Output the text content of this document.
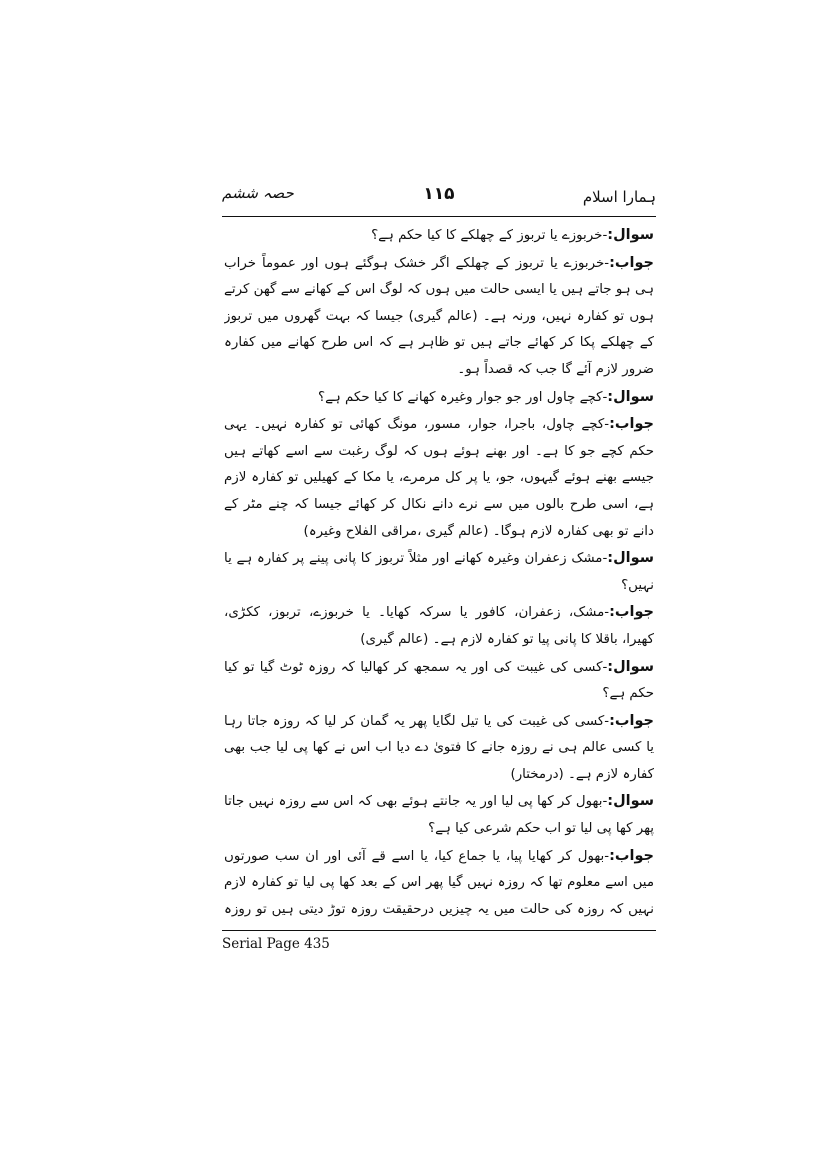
ہمارا اسلام
۱۱۵
حصہ ششم

سوال:-خربوزے یا تربوز کے چھلکے کا کیا حکم ہے؟

جواب:-خربوزے یا تربوز کے چھلکے اگر خشک ہوگئے ہوں اور عموماً خراب ہی ہو جاتے ہیں یا ایسی حالت میں ہوں کہ لوگ اس کے کھانے سے گھن کرتے ہوں تو کفارہ نہیں، ورنہ ہے۔ (عالم گیری) جیسا کہ بہت گھروں میں تربوز کے چھلکے پکا کر کھائے جاتے ہیں تو ظاہر ہے کہ اس طرح کھانے میں کفارہ ضرور لازم آئے گا جب کہ قصداً ہو۔

سوال:-کچے چاول اور جو جوار وغیرہ کھانے کا کیا حکم ہے؟

جواب:-کچے چاول، باجرا، جوار، مسور، مونگ کھائی تو کفارہ نہیں۔ یہی حکم کچے جو کا ہے۔ اور بھنے ہوئے ہوں کہ لوگ رغبت سے اسے کھاتے ہیں جیسے بھنے ہوئے گیہوں، جو، یا پر کل مرمرے، یا مکا کے کھیلیں تو کفارہ لازم ہے، اسی طرح بالوں میں سے نرے دانے نکال کر کھائے جیسا کہ چنے مٹر کے دانے تو بھی کفارہ لازم ہوگا۔ (عالم گیری ،مراقی الفلاح وغیرہ)

سوال:-مشک زعفران وغیرہ کھانے اور مثلاً تربوز کا پانی پینے پر کفارہ ہے یا نہیں؟

جواب:-مشک، زعفران، کافور یا سرکہ کھایا۔ یا خربوزے، تربوز، ککڑی، کھیرا، باقلا کا پانی پیا تو کفارہ لازم ہے۔ (عالم گیری)

سوال:-کسی کی غیبت کی اور یہ سمجھ کر کھالیا کہ روزہ ٹوٹ گیا تو کیا حکم ہے؟

جواب:-کسی کی غیبت کی یا تیل لگایا پھر یہ گمان کر لیا کہ روزہ جاتا رہا یا کسی عالم ہی نے روزہ جانے کا فتویٰ دے دیا اب اس نے کھا پی لیا جب بھی کفارہ لازم ہے۔ (درمختار)

سوال:-بھول کر کھا پی لیا اور یہ جانتے ہوئے بھی کہ اس سے روزہ نہیں جاتا پھر کھا پی لیا تو اب حکم شرعی کیا ہے؟

جواب:-بھول کر کھایا پیا، یا جماع کیا، یا اسے قے آئی اور ان سب صورتوں میں اسے معلوم تھا کہ روزہ نہیں گیا پھر اس کے بعد کھا پی لیا تو کفارہ لازم نہیں کہ روزہ کی حالت میں یہ چیزیں درحقیقت روزہ توڑ دیتی ہیں تو روزہ

Serial Page 435
